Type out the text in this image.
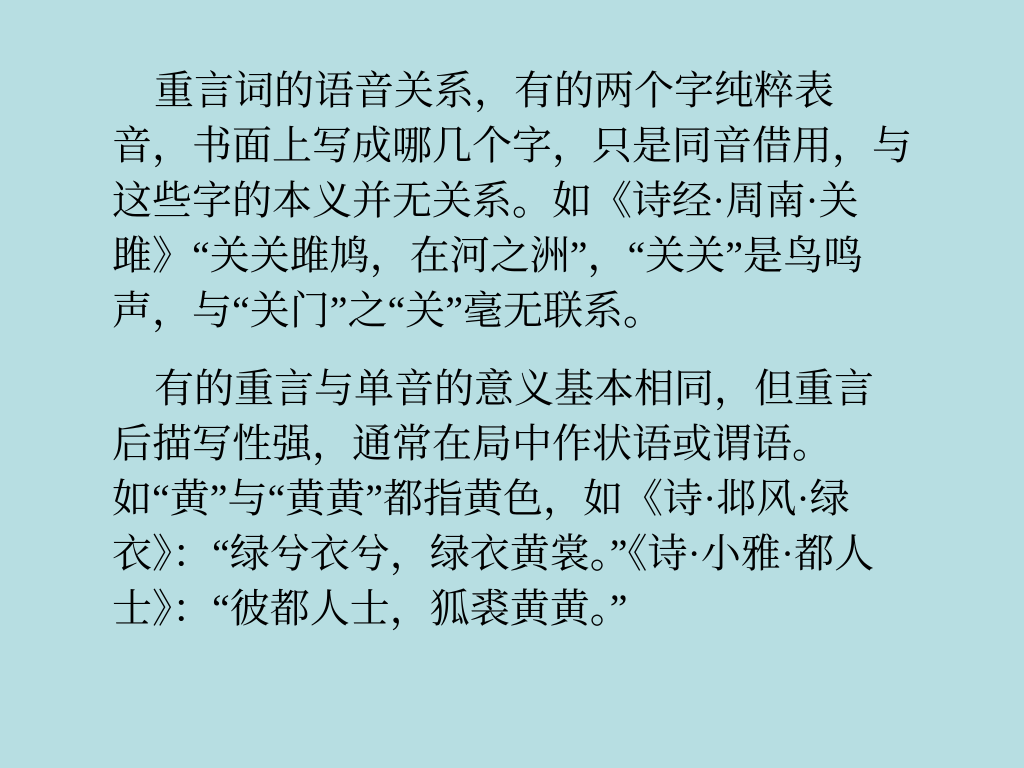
重言词的语音关系，有的两个字纯粹表音，书面上写成哪几个字，只是同音借用，与这些字的本义并无关系。如《诗经·周南·关雎》“关关雎鸠，在河之洲”，“关关”是鸟鸣声，与“关门”之“关”毫无联系。

有的重言与单音的意义基本相同，但重言后描写性强，通常在局中作状语或谓语。如“黄”与“黄黄”都指黄色，如《诗·邶风·绿衣》：“绿兮衣兮，绿衣黄裳。”《诗·小雅·都人士》：“彼都人士，狐裘黄黄。”
